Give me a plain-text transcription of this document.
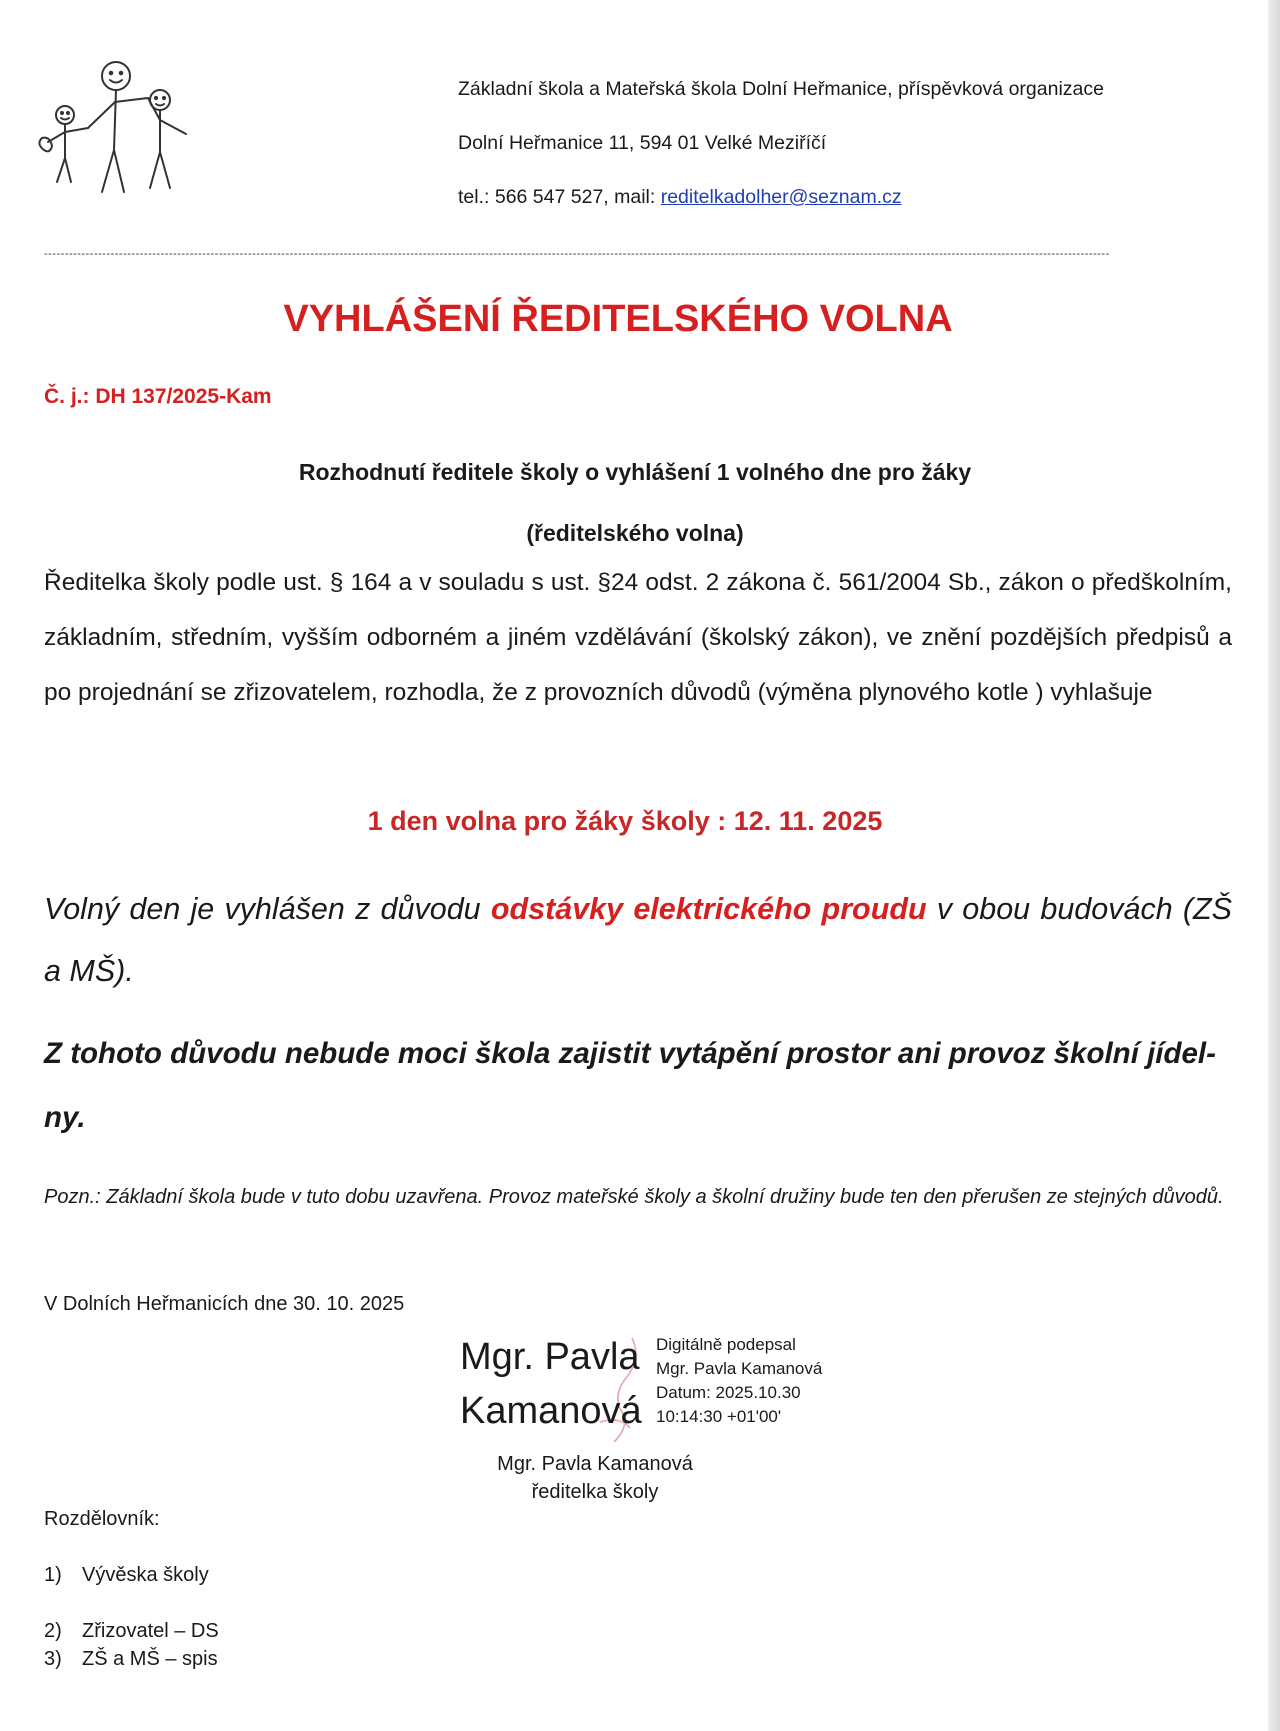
Základní škola a Mateřská škola Dolní Heřmanice, příspěvková organizace
Dolní Heřmanice 11, 594 01 Velké Meziříčí
tel.: 566 547 527, mail: reditelkadolher@seznam.cz
----------------------------------------------------------------------------------------------------------------------------------------------------------------------------------------------------------------------------------------------------------------
VYHLÁŠENÍ ŘEDITELSKÉHO VOLNA
Č. j.: DH 137/2025-Kam
Rozhodnutí ředitele školy o vyhlášení 1 volného dne pro žáky
(ředitelského volna)
Ředitelka školy podle ust. § 164 a v souladu s ust. §24 odst. 2 zákona č. 561/2004 Sb., zákon o předškolním, základním, středním, vyšším odborném a jiném vzdělávání (školský zákon), ve znění pozdějších předpisů a po projednání se zřizovatelem, rozhodla, že z provozních důvodů (výměna plynového kotle ) vyhlašuje
1 den volna pro žáky školy : 12. 11. 2025
Volný den je vyhlášen z důvodu odstávky elektrického proudu v obou budovách (ZŠ a MŠ).
Z tohoto důvodu nebude moci škola zajistit vytápění prostor ani provoz školní jídel-
ny.
Pozn.: Základní škola bude v tuto dobu uzavřena. Provoz mateřské školy a školní družiny bude ten den přerušen ze stejných důvodů.
V Dolních Heřmanicích dne 30. 10. 2025
Mgr. Pavla
Kamanová
Digitálně podepsal
Mgr. Pavla Kamanová
Datum: 2025.10.30
10:14:30 +01'00'
Mgr. Pavla Kamanová
ředitelka školy
Rozdělovník:
1) Vývěska školy
2) Zřizovatel – DS
3) ZŠ a MŠ – spis
